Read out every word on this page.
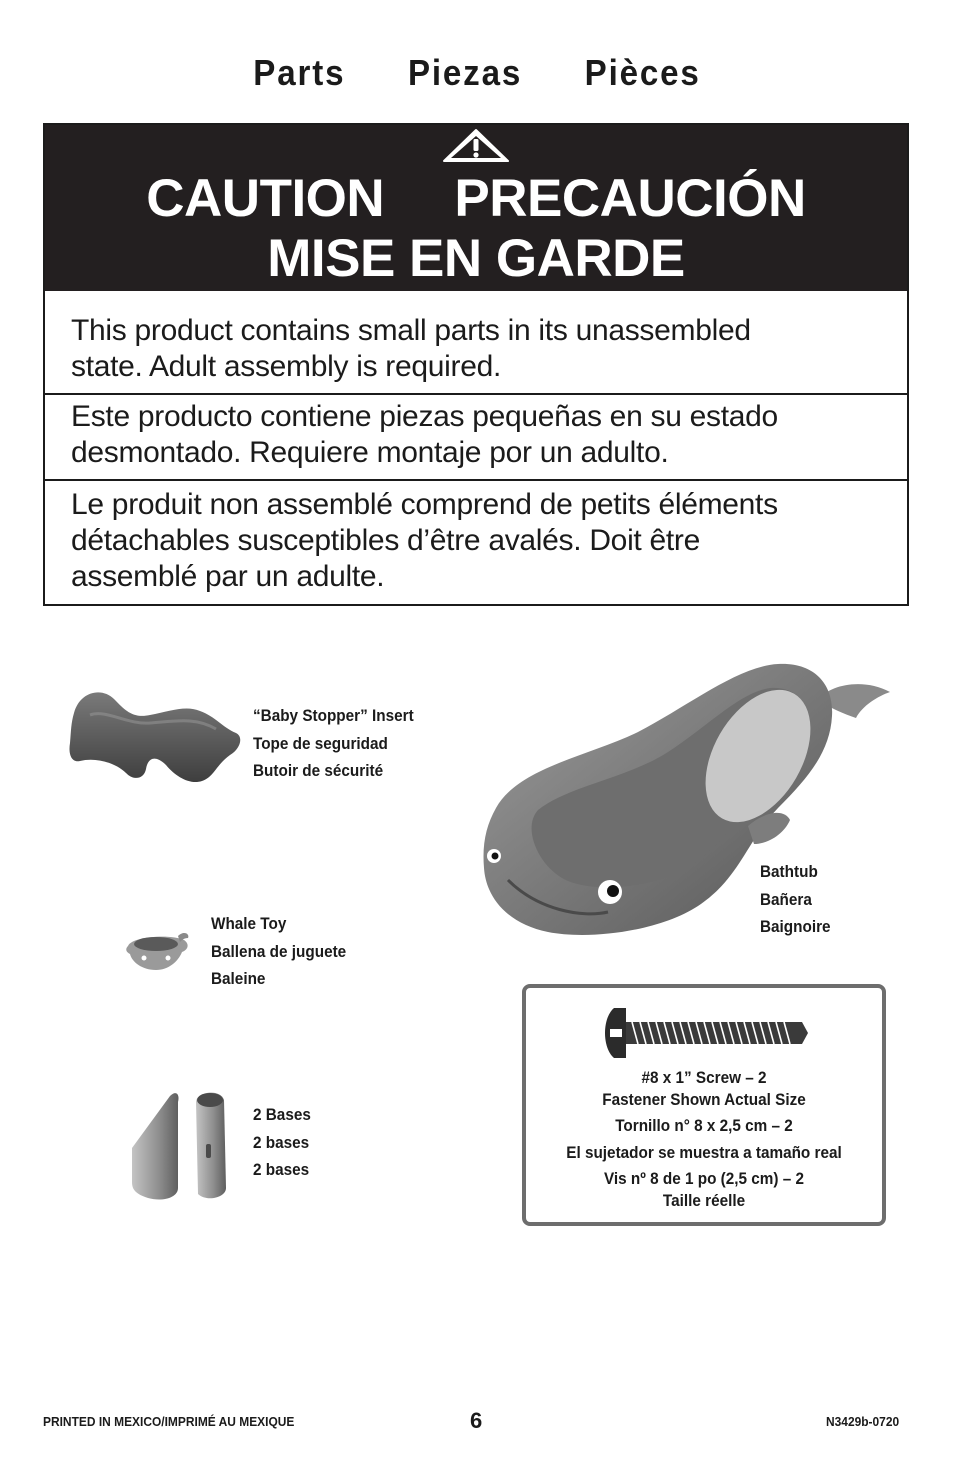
Parts Piezas Pièces
CAUTION PRECAUCIÓN
MISE EN GARDE
This product contains small parts in its unassembled
state. Adult assembly is required.
Este producto contiene piezas pequeñas en su estado
desmontado. Requiere montaje por un adulto.
Le produit non assemblé comprend de petits éléments
détachables susceptibles d’être avalés. Doit être
assemblé par un adulte.
“Baby Stopper” Insert
Tope de seguridad
Butoir de sécurité
Bathtub
Bañera
Baignoire
Whale Toy
Ballena de juguete
Baleine
2 Bases
2 bases
2 bases
#8 x 1” Screw – 2
Fastener Shown Actual Size
Tornillo n° 8 x 2,5 cm – 2
El sujetador se muestra a tamaño real
Vis nº 8 de 1 po (2,5 cm) – 2
Taille réelle
PRINTED IN MEXICO/IMPRIMÉ AU MEXIQUE	6	N3429b-0720
